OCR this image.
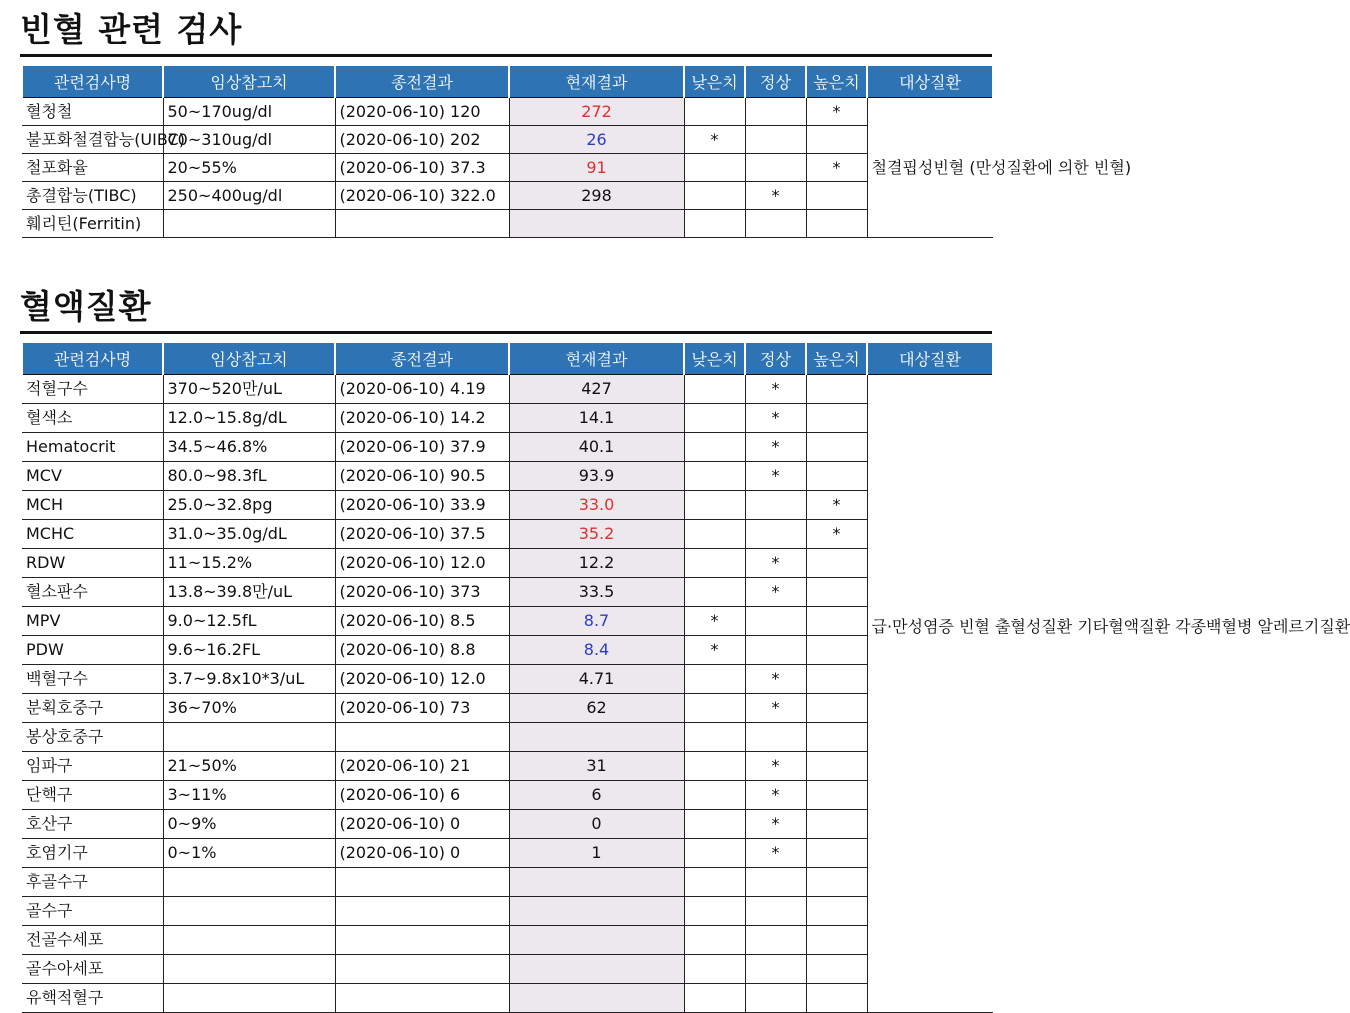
빈혈 관련 검사
관련검사명	임상참고치	종전결과	현재결과	낮은치	정상	높은치	대상질환
혈청철	50~170ug/dl	(2020-06-10) 120	272			*	철결핍성빈혈 (만성질환에 의한 빈혈)
불포화철결합능(UIBC)	70~310ug/dl	(2020-06-10) 202	26	*			
철포화율	20~55%	(2020-06-10) 37.3	91			*	
총결합능(TIBC)	250~400ug/dl	(2020-06-10) 322.0	298		*		
훼리틴(Ferritin)							
혈액질환
관련검사명	임상참고치	종전결과	현재결과	낮은치	정상	높은치	대상질환
적혈구수	370~520만/uL	(2020-06-10) 4.19	427		*		급·만성염증 빈혈 출혈성질환 기타혈액질환 각종백혈병 알레르기질환
혈색소	12.0~15.8g/dL	(2020-06-10) 14.2	14.1		*		
Hematocrit	34.5~46.8%	(2020-06-10) 37.9	40.1		*		
MCV	80.0~98.3fL	(2020-06-10) 90.5	93.9		*		
MCH	25.0~32.8pg	(2020-06-10) 33.9	33.0			*	
MCHC	31.0~35.0g/dL	(2020-06-10) 37.5	35.2			*	
RDW	11~15.2%	(2020-06-10) 12.0	12.2		*		
혈소판수	13.8~39.8만/uL	(2020-06-10) 373	33.5		*		
MPV	9.0~12.5fL	(2020-06-10) 8.5	8.7	*			
PDW	9.6~16.2FL	(2020-06-10) 8.8	8.4	*			
백혈구수	3.7~9.8x10*3/uL	(2020-06-10) 12.0	4.71		*		
분획호중구	36~70%	(2020-06-10) 73	62		*		
봉상호중구							
임파구	21~50%	(2020-06-10) 21	31		*		
단핵구	3~11%	(2020-06-10) 6	6		*		
호산구	0~9%	(2020-06-10) 0	0		*		
호염기구	0~1%	(2020-06-10) 0	1		*		
후골수구							
골수구							
전골수세포							
골수아세포							
유핵적혈구							
